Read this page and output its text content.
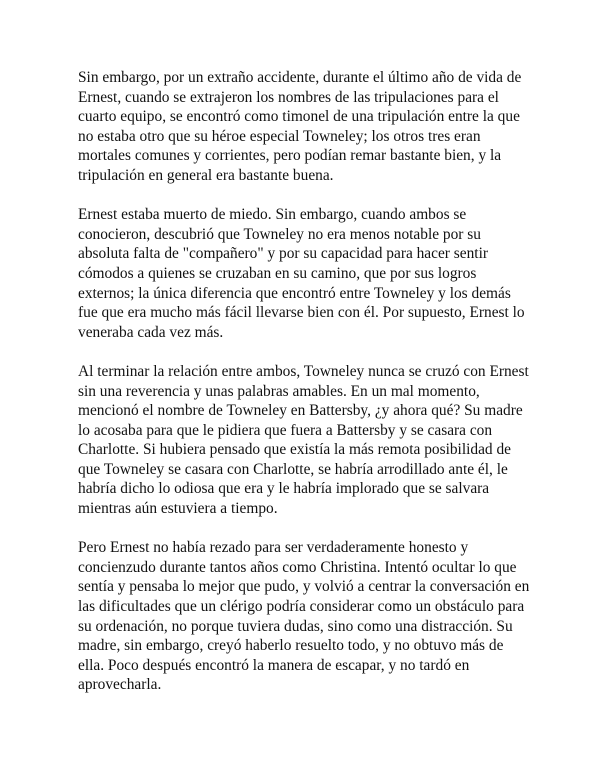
Sin embargo, por un extraño accidente, durante el último año de vida de Ernest, cuando se extrajeron los nombres de las tripulaciones para el cuarto equipo, se encontró como timonel de una tripulación entre la que no estaba otro que su héroe especial Towneley; los otros tres eran mortales comunes y corrientes, pero podían remar bastante bien, y la tripulación en general era bastante buena.

Ernest estaba muerto de miedo. Sin embargo, cuando ambos se conocieron, descubrió que Towneley no era menos notable por su absoluta falta de "compañero" y por su capacidad para hacer sentir cómodos a quienes se cruzaban en su camino, que por sus logros externos; la única diferencia que encontró entre Towneley y los demás fue que era mucho más fácil llevarse bien con él. Por supuesto, Ernest lo veneraba cada vez más.

Al terminar la relación entre ambos, Towneley nunca se cruzó con Ernest sin una reverencia y unas palabras amables. En un mal momento, mencionó el nombre de Towneley en Battersby, ¿y ahora qué? Su madre lo acosaba para que le pidiera que fuera a Battersby y se casara con Charlotte. Si hubiera pensado que existía la más remota posibilidad de que Towneley se casara con Charlotte, se habría arrodillado ante él, le habría dicho lo odiosa que era y le habría implorado que se salvara mientras aún estuviera a tiempo.

Pero Ernest no había rezado para ser verdaderamente honesto y concienzudo durante tantos años como Christina. Intentó ocultar lo que sentía y pensaba lo mejor que pudo, y volvió a centrar la conversación en las dificultades que un clérigo podría considerar como un obstáculo para su ordenación, no porque tuviera dudas, sino como una distracción. Su madre, sin embargo, creyó haberlo resuelto todo, y no obtuvo más de ella. Poco después encontró la manera de escapar, y no tardó en aprovecharla.
